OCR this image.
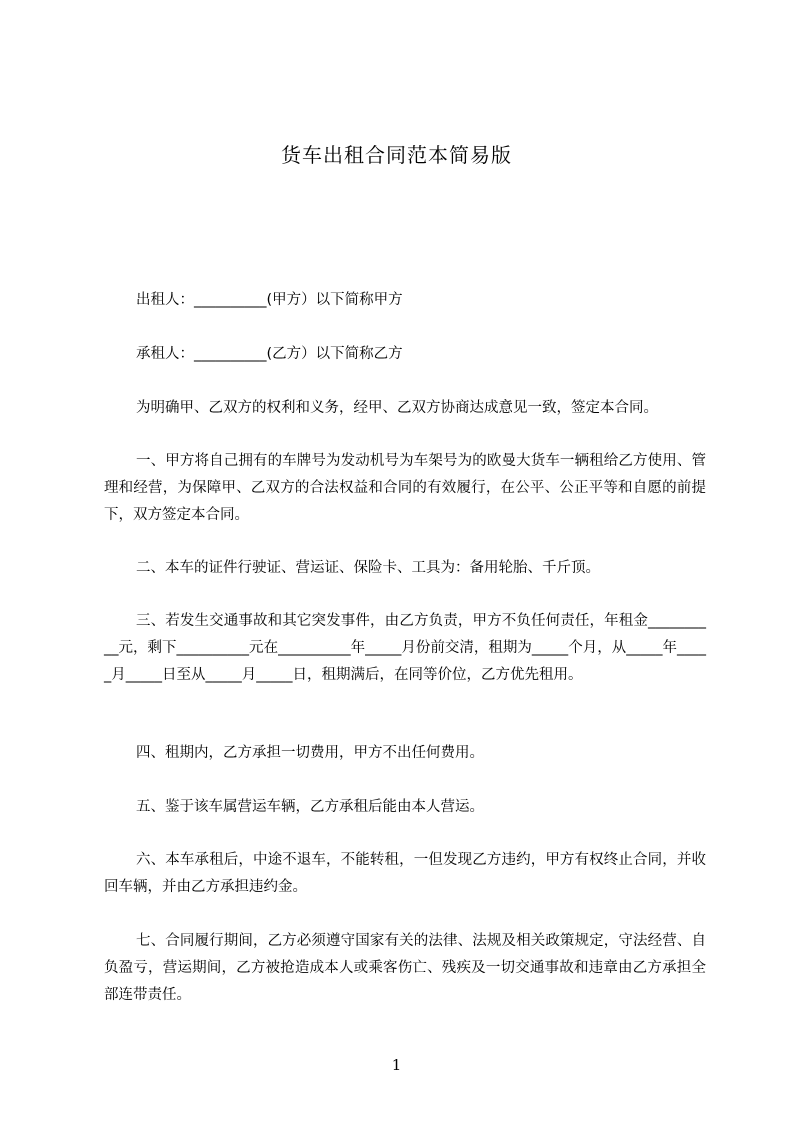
货车出租合同范本简易版
出租人：__________(甲方）以下简称甲方
承租人：__________(乙方）以下简称乙方
为明确甲、乙双方的权利和义务，经甲、乙双方协商达成意见一致，签定本合同。
一、甲方将自己拥有的车牌号为发动机号为车架号为的欧曼大货车一辆租给乙方使用、管理和经营，为保障甲、乙双方的合法权益和合同的有效履行，在公平、公正平等和自愿的前提下，双方签定本合同。
二、本车的证件行驶证、营运证、保险卡、工具为：备用轮胎、千斤顶。
三、若发生交通事故和其它突发事件，由乙方负责，甲方不负任何责任，年租金__________元，剩下__________元在__________年_____月份前交清，租期为_____个月，从_____年_____月_____日至从_____月_____日，租期满后，在同等价位，乙方优先租用。
四、租期内，乙方承担一切费用，甲方不出任何费用。
五、鉴于该车属营运车辆，乙方承租后能由本人营运。
六、本车承租后，中途不退车，不能转租，一但发现乙方违约，甲方有权终止合同，并收回车辆，并由乙方承担违约金。
七、合同履行期间，乙方必须遵守国家有关的法律、法规及相关政策规定，守法经营、自负盈亏，营运期间，乙方被抢造成本人或乘客伤亡、残疾及一切交通事故和违章由乙方承担全部连带责任。
1
